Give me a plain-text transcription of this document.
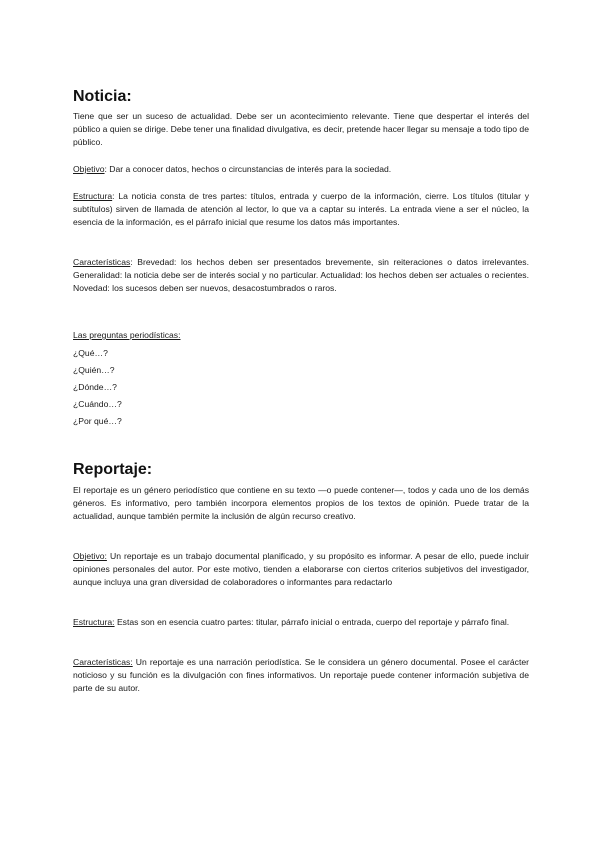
Noticia:

Tiene que ser un suceso de actualidad. Debe ser un acontecimiento relevante. Tiene que despertar el interés del público a quien se dirige. Debe tener una finalidad divulgativa, es decir, pretende hacer llegar su mensaje a todo tipo de público.

Objetivo: Dar a conocer datos, hechos o circunstancias de interés para la sociedad.

Estructura: La noticia consta de tres partes: títulos, entrada y cuerpo de la información, cierre. Los títulos (titular y subtítulos) sirven de llamada de atención al lector, lo que va a captar su interés. La entrada viene a ser el núcleo, la esencia de la información, es el párrafo inicial que resume los datos más importantes.

Características: Brevedad: los hechos deben ser presentados brevemente, sin reiteraciones o datos irrelevantes. Generalidad: la noticia debe ser de interés social y no particular. Actualidad: los hechos deben ser actuales o recientes. Novedad: los sucesos deben ser nuevos, desacostumbrados o raros.

Las preguntas periodísticas:
¿Qué…?
¿Quién…?
¿Dónde…?
¿Cuándo…?
¿Por qué…?
Reportaje:

El reportaje es un género periodístico que contiene en su texto —o puede contener—, todos y cada uno de los demás géneros. Es informativo, pero también incorpora elementos propios de los textos de opinión. Puede tratar de la actualidad, aunque también permite la inclusión de algún recurso creativo.

Objetivo: Un reportaje es un trabajo documental planificado, y su propósito es informar. A pesar de ello, puede incluir opiniones personales del autor. Por este motivo, tienden a elaborarse con ciertos criterios subjetivos del investigador, aunque incluya una gran diversidad de colaboradores o informantes para redactarlo

Estructura: Estas son en esencia cuatro partes: titular, párrafo inicial o entrada, cuerpo del reportaje y párrafo final.

Características: Un reportaje es una narración periodística. Se le considera un género documental. Posee el carácter noticioso y su función es la divulgación con fines informativos. Un reportaje puede contener información subjetiva de parte de su autor.
